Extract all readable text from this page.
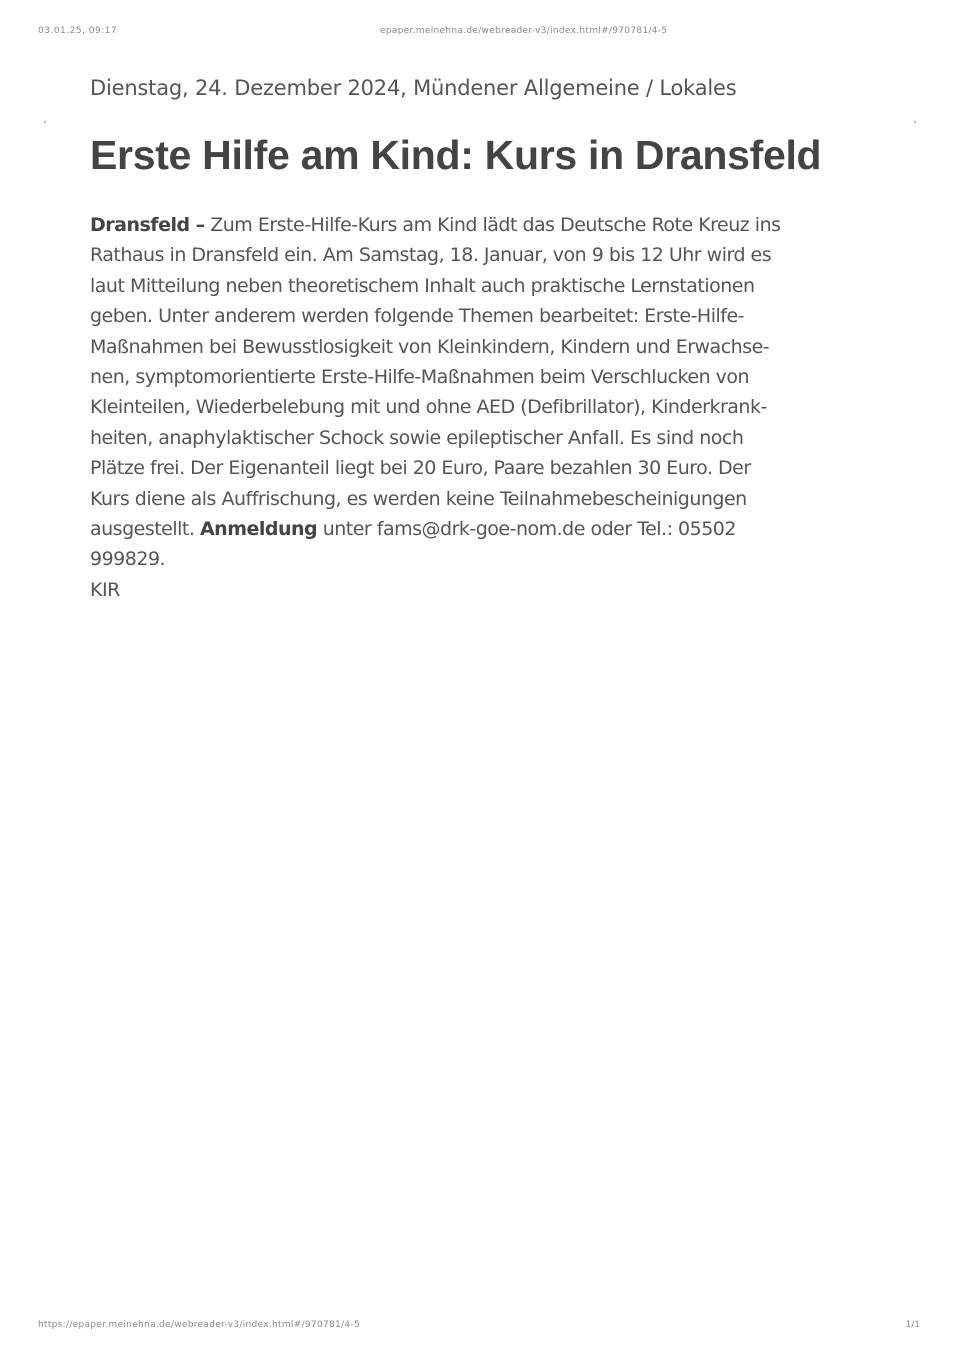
03.01.25, 09:17	epaper.meinehna.de/webreader-v3/index.html#/970781/4-5
Dienstag, 24. Dezember 2024, Mündener Allgemeine / Lokales
Erste Hilfe am Kind: Kurs in Dransfeld
Dransfeld – Zum Erste-Hilfe-Kurs am Kind lädt das Deutsche Rote Kreuz ins
Rathaus in Dransfeld ein. Am Samstag, 18. Januar, von 9 bis 12 Uhr wird es
laut Mitteilung neben theoretischem Inhalt auch praktische Lernstationen
geben. Unter anderem werden folgende Themen bearbeitet: Erste-Hilfe-
Maßnahmen bei Bewusstlosigkeit von Kleinkindern, Kindern und Erwachse-
nen, symptomorientierte Erste-Hilfe-Maßnahmen beim Verschlucken von
Kleinteilen, Wiederbelebung mit und ohne AED (Defibrillator), Kinderkrank-
heiten, anaphylaktischer Schock sowie epileptischer Anfall. Es sind noch
Plätze frei. Der Eigenanteil liegt bei 20 Euro, Paare bezahlen 30 Euro. Der
Kurs diene als Auffrischung, es werden keine Teilnahmebescheinigungen
ausgestellt. Anmeldung unter fams@drk-goe-nom.de oder Tel.: 05502
999829.
KIR
https://epaper.meinehna.de/webreader-v3/index.html#/970781/4-5	1/1
